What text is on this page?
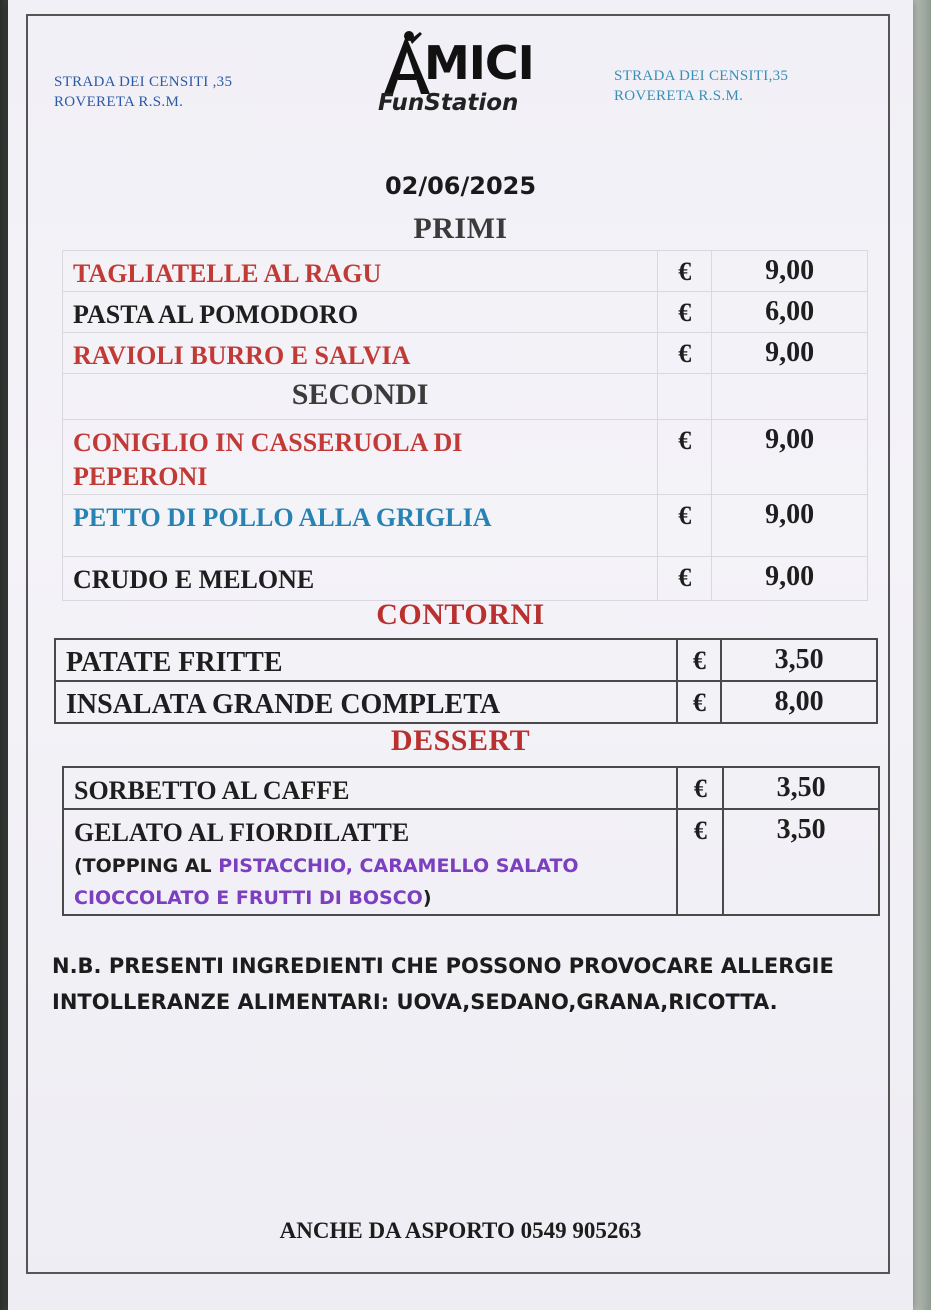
STRADA DEI CENSITI ,35
ROVERETA R.S.M.
MICI
FunStation
STRADA DEI CENSITI,35
ROVERETA R.S.M.
02/06/2025
PRIMI
TAGLIATELLE AL RAGU	€	9,00
PASTA AL POMODORO	€	6,00
RAVIOLI BURRO E SALVIA	€	9,00
SECONDI		

CONIGLIO IN CASSERUOLA DI
PEPERONI	€	9,00
PETTO DI POLLO ALLA GRIGLIA	€	9,00
CRUDO E MELONE	€	9,00
CONTORNI
PATATE FRITTE	€	3,50
INSALATA GRANDE COMPLETA	€	8,00
DESSERT
SORBETTO AL CAFFE	€	3,50

GELATO AL FIORDILATTE
(TOPPING AL PISTACCHIO, CARAMELLO SALATO
CIOCCOLATO E FRUTTI DI BOSCO)	€	3,50
N.B. PRESENTI INGREDIENTI CHE POSSONO PROVOCARE ALLERGIE
INTOLLERANZE ALIMENTARI: UOVA,SEDANO,GRANA,RICOTTA.
ANCHE DA ASPORTO 0549 905263
